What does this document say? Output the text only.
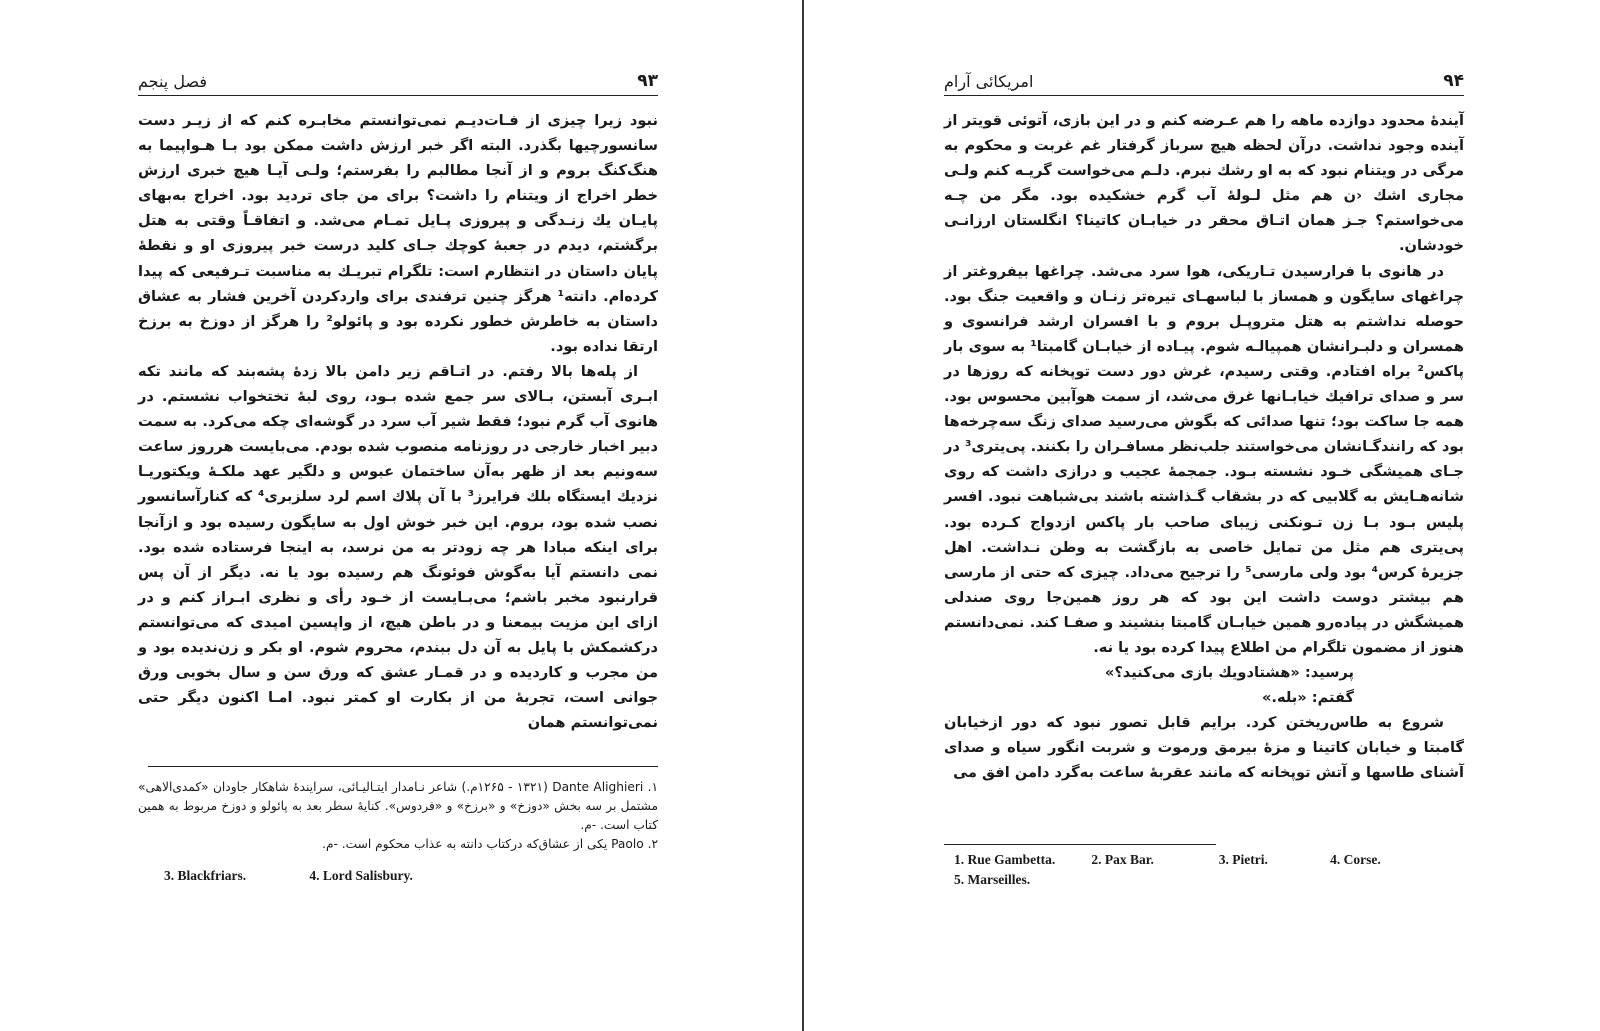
فصل پنجم	۹۳

نبود زیرا چیزی از فـات‌دیـم نمی‌توانستم مخابـره کنم که از زیـر دست سانسورچیها بگذرد. البته اگر خبر ارزش داشت ممکن بود بـا هـواپیما به هنگ‌کنگ بروم و از آنجا مطالبم را بفرستم؛ ولـی آیـا هیچ خبری ارزش خطر اخراج از ویتنام را داشت؟ برای من جای تردید بود. اخراج به‌بهای پایـان یك زنـدگی و پیروزی پـایل تمـام می‌شد. و اتفاقـاً وقتی به هتل برگشتم، دیدم در جعبهٔ کوچك جـای کلید درست خبر پیروزی او و نقطهٔ پایان داستان در انتظارم است: تلگرام تبریـك به مناسبت تـرفیعی که پیدا کرده‌ام. دانته¹ هرگز چنین ترفندی برای واردکردن آخرین فشار به عشاق داستان به خاطرش خطور نکرده بود و پائولو² را هرگز از دوزخ به برزخ ارتقا نداده بود.

از پله‌ها بالا رفتم. در اتـاقم زیر دامن بالا زدهٔ پشه‌بند که مانند تکه ابـری آبستن، بـالای سر جمع شده بـود، روی لبهٔ تختخواب نشستم. در هانوی آب گرم نبود؛ فقط شیر آب سرد در گوشه‌ای چکه می‌کرد. به سمت دبیر اخبار خارجی در روزنامه منصوب شده بودم. می‌بایست هرروز ساعت سه‌ونیم بعد از ظهر به‌آن ساختمان عبوس و دلگیر عهد ملکـهٔ ویکتوریـا نزدیك ایستگاه بلك فرایرز³ با آن پلاك اسم لرد سلزبری⁴ که کنارآسانسور نصب شده بود، بروم. این خبر خوش اول به سایگون رسیده بود و ازآنجا برای اینکه مبادا هر چه زودتر به من نرسد، به اینجا فرستاده شده بود. نمی دانستم آیا به‌گوش فوئونگ هم رسیده بود یا نه. دیگر از آن پس قرارنبود مخبر باشم؛ می‌بـایست از خـود رأی و نظری ابـراز کنم و در ازای این مزیت بیمعنا و در باطن هیچ، از واپسین امیدی که می‌توانستم درکشمکش با پایل به آن دل ببندم، محروم شوم. او بکر و زن‌ندیده بود و من مجرب و کاردیده و در قمـار عشق که ورق سن و سال بخوبی ورق جوانی است، تجربهٔ من از بکارت او کمتر نبود. امـا اکنون دیگر حتی نمی‌توانستم همان

۱. Dante Alighieri (۱۲۶۵ - ۱۳۲۱م.) شاعر نـامدار ایتـالیـائی، سرایندهٔ شاهکار جاودان «کمدی‌الاهی» مشتمل بر سه بخش «دوزخ» و «برزخ» و «فردوس». کنایهٔ سطر بعد به پائولو و دوزخ مربوط به همین کتاب است. -م.

۲. Paolo یکی از عشاق‌که درکتاب دانته به عذاب محکوم است. -م.

3. Blackfriars.	4. Lord Salisbury.
امریکائی آرام	۹۴

آیندهٔ محدود دوازده ماهه را هم عـرضه کنم و در این بازی، آتوئی قویتر از آینده وجود نداشت. درآن لحظه هیچ سرباز گرفتار غم غربت و محکوم به مرگی در ویتنام نبود که به او رشك نبرم. دلـم می‌خواست گریـه کنم ولـی مجاری اشك ‹ن هم مثل لـولهٔ آب گرم خشکیده بود. مگر من چـه می‌خواستم؟ جـز همان اتـاق محقر در خیابـان کاتینا؟ انگلستان ارزانـی خودشان.

در هانوی با فرارسیدن تـاریکی، هوا سرد می‌شد. چراغها بیفروغتر از چراغهای سایگون و همساز با لباسهـای تیره‌تر زنـان و واقعیت جنگ بود. حوصله نداشتم به هتل متروپـل بروم و با افسران ارشد فرانسوی و همسران و دلبـرانشان همپیالـه شوم. پیـاده از خیابـان گامبتا¹ به سوی بار پاکس² براه افتادم. وقتی رسیدم، غرش دور دست توپخانه که روزها در سر و صدای ترافیك خیابـانها غرق می‌شد، از سمت هوآبین محسوس بود. همه جا ساکت بود؛ تنها صدائی که بگوش می‌رسید صدای زنگ سه‌چرخه‌ها بود که رانندگـانشان می‌خواستند جلب‌نظر مسافـران را بکنند. پی‌یتری³ در جـای همیشگی خـود نشسته بـود. جمجمهٔ عجیب و درازی داشت که روی شانه‌هـایش به گلابیی که در بشقاب گـذاشته باشند بی‌شباهت نبود. افسر پلیس بـود بـا زن تـونکنی زیبای صاحب بار پاکس ازدواج کـرده بود. پی‌یتری هم مثل من تمایل خاصی به بازگشت به وطن نـداشت. اهل جزیرهٔ کرس⁴ بود ولی مارسی⁵ را ترجیح می‌داد. چیزی که حتی از مارسی هم بیشتر دوست داشت این بود که هر روز همین‌جا روی صندلی همیشگش در پیاده‌رو همین خیابـان گامبتا بنشیند و صفـا کند. نمی‌دانستم هنوز از مضمون تلگرام من اطلاع پیدا کرده بود یا نه.

پرسید: «هشتادویك بازی می‌کنید؟»

گفتم: «بله.»

شروع به طاس‌ریختن کرد. برایم قابل تصور نبود که دور ازخیابان گامبتا و خیابان کاتینا و مزهٔ بیرمق ورموت و شربت انگور سیاه و صدای آشنای طاسها و آتش توپخانه که مانند عقربهٔ ساعت به‌گرد دامن افق می

1. Rue Gambetta.	2. Pax Bar.	3. Pietri.	4. Corse.
5. Marseilles.
